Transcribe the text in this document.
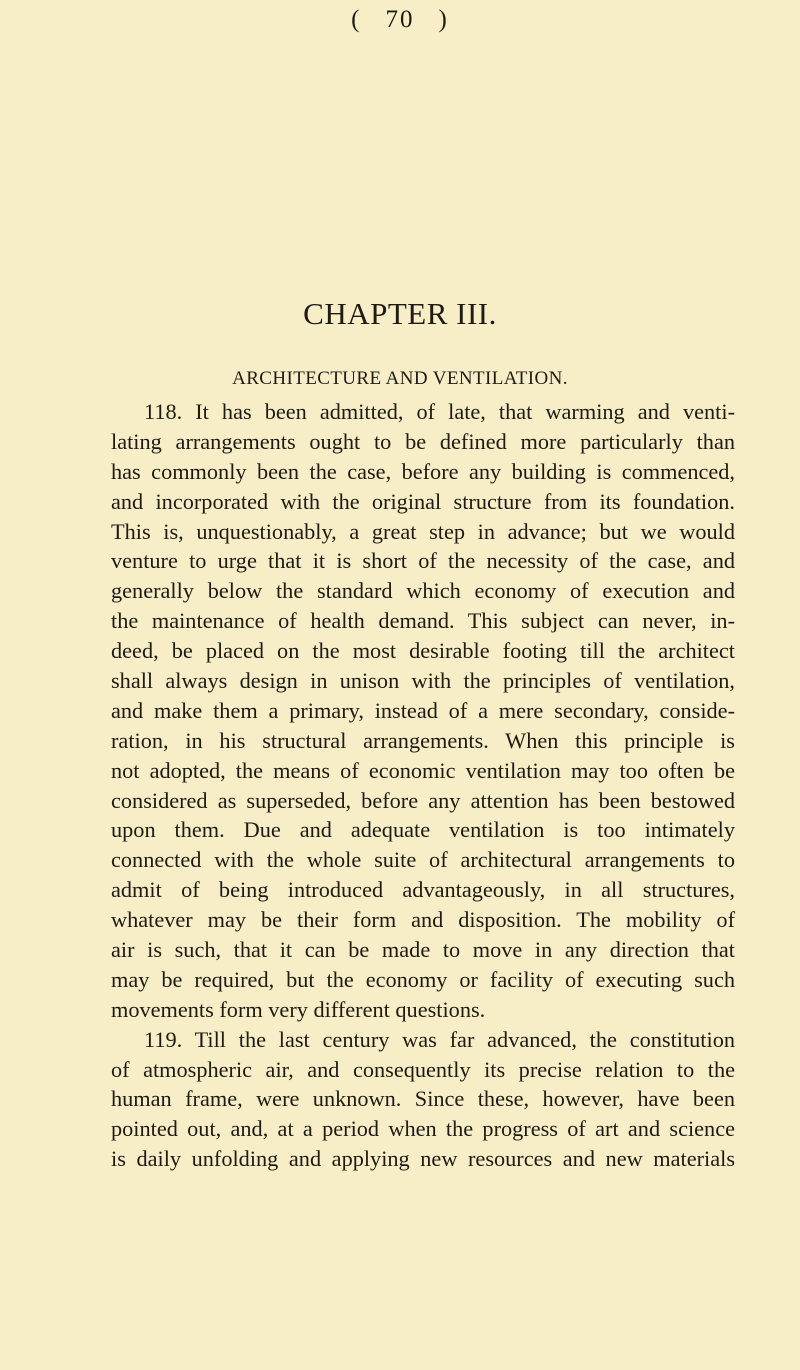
( 70 )
CHAPTER III.
ARCHITECTURE AND VENTILATION.
118. It has been admitted, of late, that warming and venti-
lating arrangements ought to be defined more particularly than
has commonly been the case, before any building is commenced,
and incorporated with the original structure from its foundation.
This is, unquestionably, a great step in advance; but we would
venture to urge that it is short of the necessity of the case, and
generally below the standard which economy of execution and
the maintenance of health demand. This subject can never, in-
deed, be placed on the most desirable footing till the architect
shall always design in unison with the principles of ventilation,
and make them a primary, instead of a mere secondary, conside-
ration, in his structural arrangements. When this principle is
not adopted, the means of economic ventilation may too often be
considered as superseded, before any attention has been bestowed
upon them. Due and adequate ventilation is too intimately
connected with the whole suite of architectural arrangements to
admit of being introduced advantageously, in all structures,
whatever may be their form and disposition. The mobility of
air is such, that it can be made to move in any direction that
may be required, but the economy or facility of executing such
movements form very different questions.
119. Till the last century was far advanced, the constitution
of atmospheric air, and consequently its precise relation to the
human frame, were unknown. Since these, however, have been
pointed out, and, at a period when the progress of art and science
is daily unfolding and applying new resources and new materials
